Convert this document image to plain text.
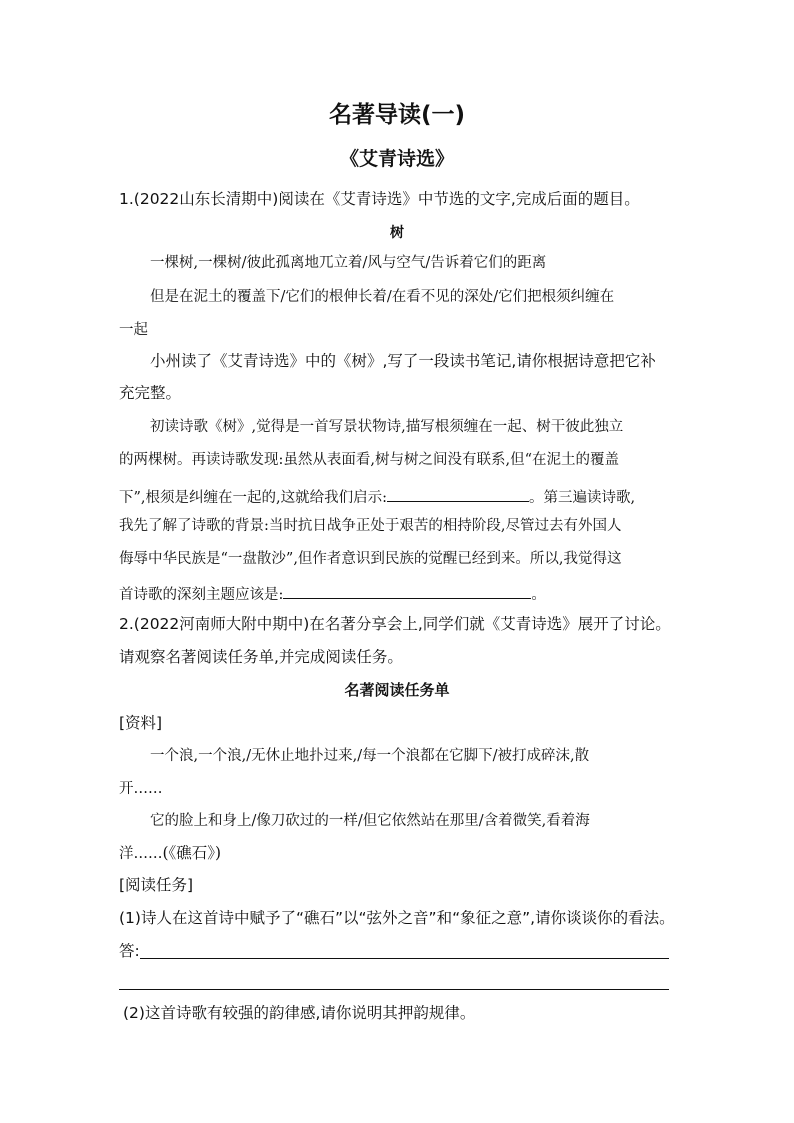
名著导读(一)
《艾青诗选》
1.(2022山东长清期中)阅读在《艾青诗选》中节选的文字,完成后面的题目。
树
一棵树,一棵树/彼此孤离地兀立着/风与空气/告诉着它们的距离
但是在泥土的覆盖下/它们的根伸长着/在看不见的深处/它们把根须纠缠在
一起
小州读了《艾青诗选》中的《树》,写了一段读书笔记,请你根据诗意把它补
充完整。
初读诗歌《树》,觉得是一首写景状物诗,描写根须缠在一起、树干彼此独立
的两棵树。再读诗歌发现:虽然从表面看,树与树之间没有联系,但“在泥土的覆盖
下”,根须是纠缠在一起的,这就给我们启示:	。第三遍读诗歌,
我先了解了诗歌的背景:当时抗日战争正处于艰苦的相持阶段,尽管过去有外国人
侮辱中华民族是“一盘散沙”,但作者意识到民族的觉醒已经到来。所以,我觉得这
首诗歌的深刻主题应该是:	。
2.(2022河南师大附中期中)在名著分享会上,同学们就《艾青诗选》展开了讨论。
请观察名著阅读任务单,并完成阅读任务。
名著阅读任务单
[资料]
一个浪,一个浪,/无休止地扑过来,/每一个浪都在它脚下/被打成碎沫,散
开……
它的脸上和身上/像刀砍过的一样/但它依然站在那里/含着微笑,看着海
洋……(《礁石》)
[阅读任务]
(1)诗人在这首诗中赋予了“礁石”以“弦外之音”和“象征之意”,请你谈谈你的看法。
答:
(2)这首诗歌有较强的韵律感,请你说明其押韵规律。
